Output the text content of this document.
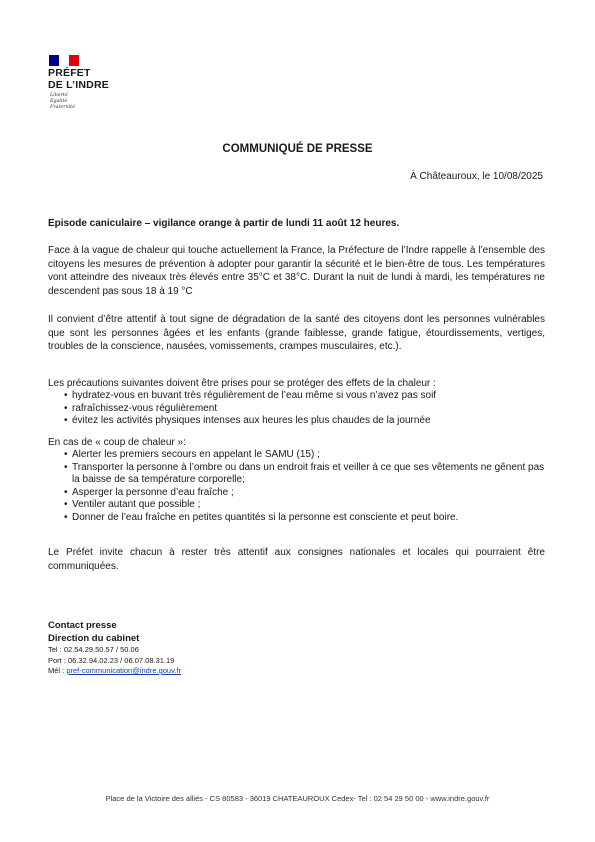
PRÉFET
DE L’INDRE
Liberté
Égalité
Fraternité
COMMUNIQUÉ DE PRESSE
À Châteauroux, le 10/08/2025
Episode caniculaire – vigilance orange à partir de lundi 11 août 12 heures.
Face à la vague de chaleur qui touche actuellement la France, la Préfecture de l’Indre rappelle à l’ensemble des citoyens les mesures de prévention à adopter pour garantir la sécurité et le bien-être de tous. Les températures vont atteindre des niveaux très élevés entre 35°C et 38°C. Durant la nuit de lundi à mardi, les températures ne descendent pas sous 18 à 19 °C
Il convient d’être attentif à tout signe de dégradation de la santé des citoyens dont les personnes vulnérables que sont les personnes âgées et les enfants (grande faiblesse, grande fatigue, étourdissements, vertiges, troubles de la conscience, nausées, vomissements, crampes musculaires, etc.).
Les précautions suivantes doivent être prises pour se protéger des effets de la chaleur :
• hydratez-vous en buvant très régulièrement de l’eau même si vous n’avez pas soif
• rafraîchissez-vous régulièrement
• évitez les activités physiques intenses aux heures les plus chaudes de la journée
En cas de « coup de chaleur »:
• Alerter les premiers secours en appelant le SAMU (15) ;
• Transporter la personne à l’ombre ou dans un endroit frais et veiller à ce que ses vêtements ne gênent pas la baisse de sa température corporelle;
• Asperger la personne d’eau fraîche ;
• Ventiler autant que possible ;
• Donner de l’eau fraîche en petites quantités si la personne est consciente et peut boire.
Le Préfet invite chacun à rester très attentif aux consignes nationales et locales qui pourraient être communiquées.
Contact presse
Direction du cabinet
Tel : 02.54.29.50.57 / 50.06
Port : 06.32.94.02.23 / 06.07.08.31.19
Mél : pref-communication@indre.gouv.fr
Place de la Victoire des alliés - CS 80583 - 36019 CHATEAUROUX Cedex- Tel : 02 54 29 50 00 - www.indre.gouv.fr
